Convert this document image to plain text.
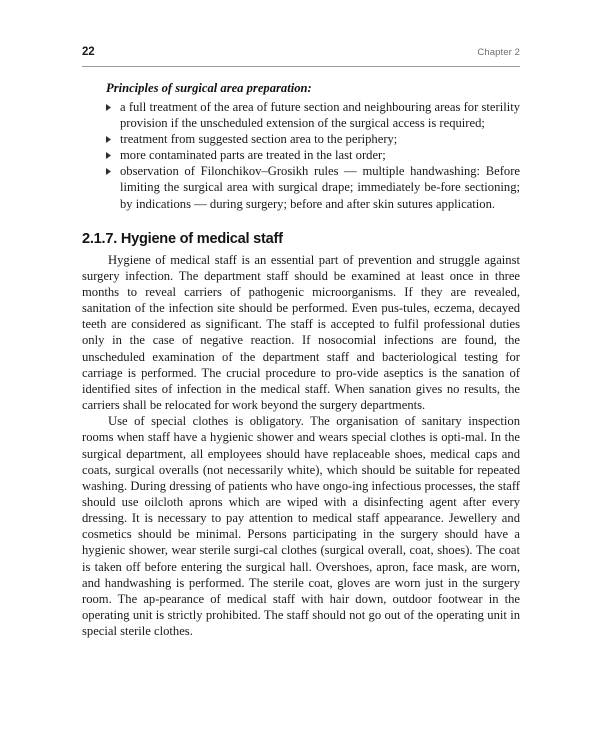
22	Chapter 2
Principles of surgical area preparation:
a full treatment of the area of future section and neighbouring areas for sterility provision if the unscheduled extension of the surgical access is required;
treatment from suggested section area to the periphery;
more contaminated parts are treated in the last order;
observation of Filonchikov–Grosikh rules — multiple handwashing: Before limiting the surgical area with surgical drape; immediately be-fore sectioning; by indications — during surgery; before and after skin sutures application.
2.1.7. Hygiene of medical staff

Hygiene of medical staff is an essential part of prevention and struggle against surgery infection. The department staff should be examined at least once in three months to reveal carriers of pathogenic microorganisms. If they are revealed, sanitation of the infection site should be performed. Even pus-tules, eczema, decayed teeth are considered as significant. The staff is accepted to fulfil professional duties only in the case of negative reaction. If nosocomial infections are found, the unscheduled examination of the department staff and bacteriological testing for carriage is performed. The crucial procedure to pro-vide aseptics is the sanation of identified sites of infection in the medical staff. When sanation gives no results, the carriers shall be relocated for work beyond the surgery departments.

Use of special clothes is obligatory. The organisation of sanitary inspection rooms when staff have a hygienic shower and wears special clothes is opti-mal. In the surgical department, all employees should have replaceable shoes, medical caps and coats, surgical overalls (not necessarily white), which should be suitable for repeated washing. During dressing of patients who have ongo-ing infectious processes, the staff should use oilcloth aprons which are wiped with a disinfecting agent after every dressing. It is necessary to pay attention to medical staff appearance. Jewellery and cosmetics should be minimal. Persons participating in the surgery should have a hygienic shower, wear sterile surgi-cal clothes (surgical overall, coat, shoes). The coat is taken off before entering the surgical hall. Overshoes, apron, face mask, are worn, and handwashing is performed. The sterile coat, gloves are worn just in the surgery room. The ap-pearance of medical staff with hair down, outdoor footwear in the operating unit is strictly prohibited. The staff should not go out of the operating unit in special sterile clothes.
